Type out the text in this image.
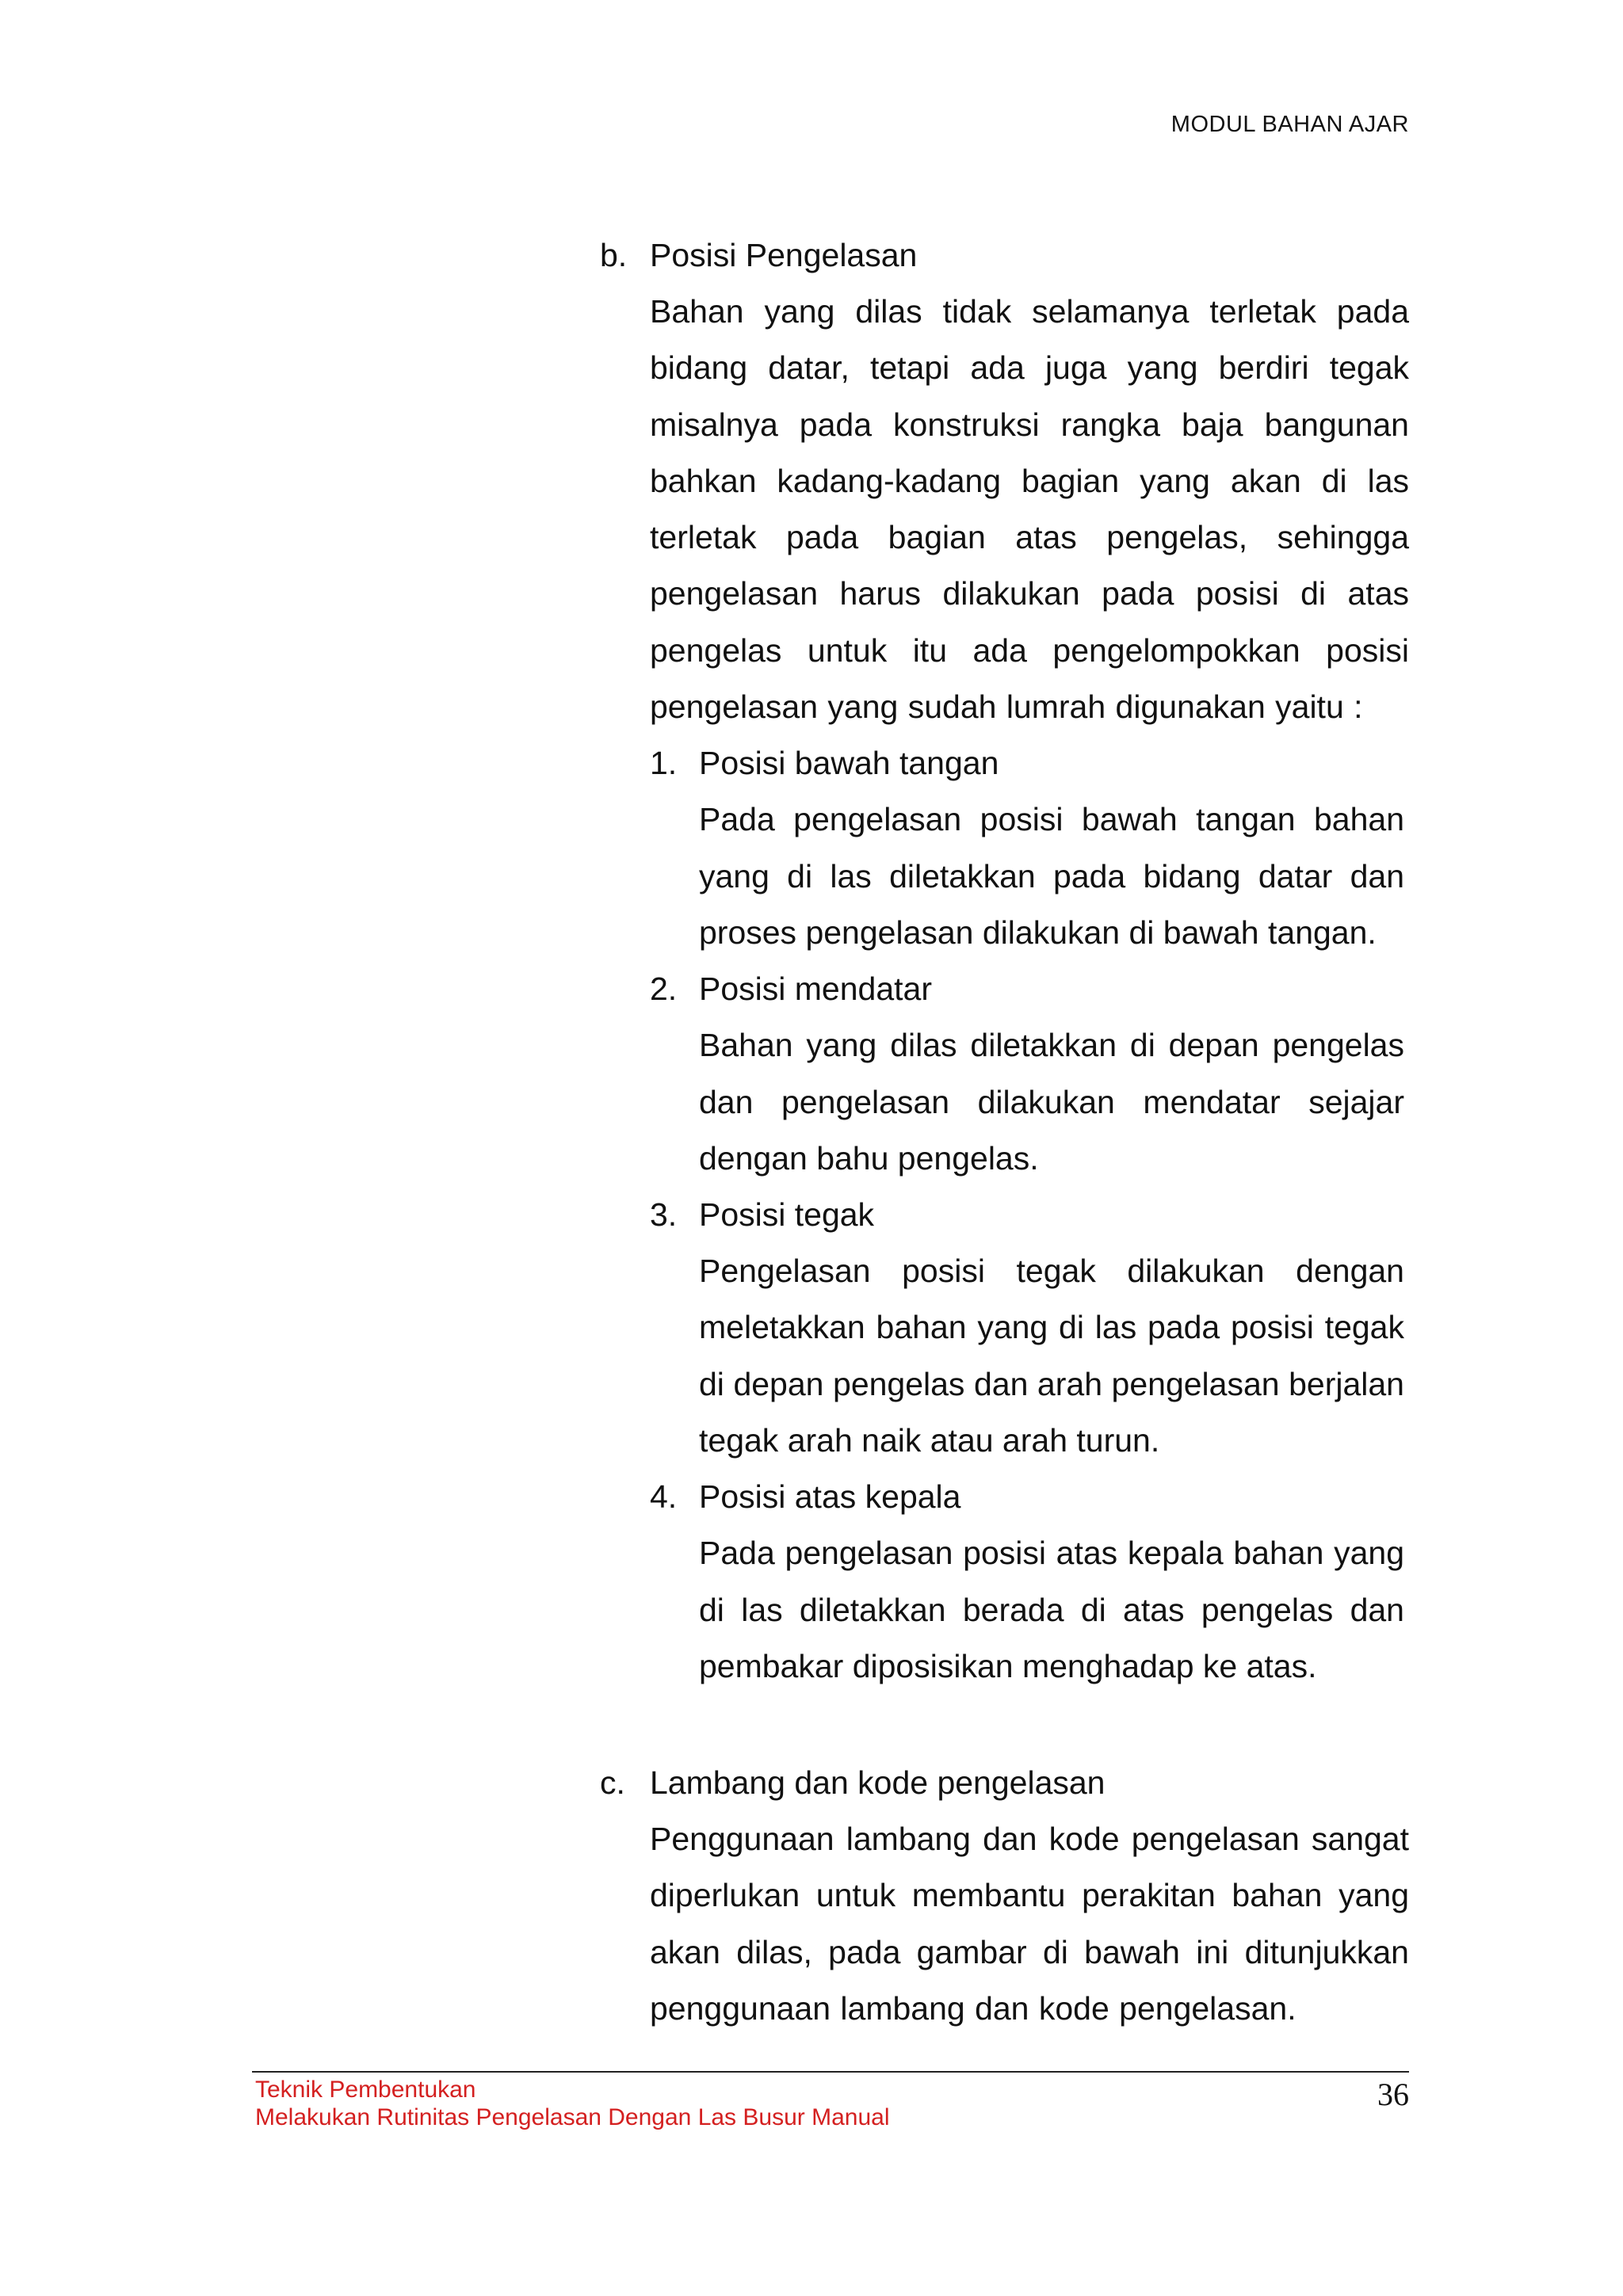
MODUL BAHAN AJAR
b. Posisi Pengelasan
Bahan yang dilas tidak selamanya terletak pada bidang datar, tetapi ada juga yang berdiri tegak misalnya pada konstruksi rangka baja bangunan bahkan kadang-kadang bagian yang akan di las terletak pada bagian atas pengelas, sehingga pengelasan harus dilakukan pada posisi di atas pengelas untuk itu ada pengelompokkan posisi pengelasan yang sudah lumrah digunakan yaitu :
1. Posisi bawah tangan
Pada pengelasan posisi bawah tangan bahan yang di las diletakkan pada bidang datar dan proses pengelasan dilakukan di bawah tangan.
2. Posisi mendatar
Bahan yang dilas diletakkan di depan pengelas dan pengelasan dilakukan mendatar sejajar dengan bahu pengelas.
3. Posisi tegak
Pengelasan posisi tegak dilakukan dengan meletakkan bahan yang di las pada posisi tegak di depan pengelas dan arah pengelasan berjalan tegak arah naik atau arah turun.
4. Posisi atas kepala
Pada pengelasan posisi atas kepala bahan yang di las diletakkan berada di atas pengelas dan pembakar diposisikan menghadap ke atas.
c. Lambang dan kode pengelasan
Penggunaan lambang dan kode pengelasan sangat diperlukan untuk membantu perakitan bahan yang akan dilas, pada gambar di bawah ini ditunjukkan penggunaan lambang dan kode pengelasan.
Teknik Pembentukan
Melakukan Rutinitas Pengelasan Dengan Las Busur Manual
36
